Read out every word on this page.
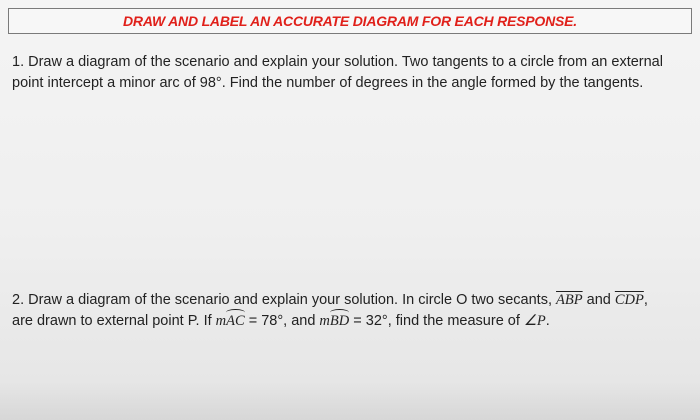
DRAW AND LABEL AN ACCURATE DIAGRAM FOR EACH RESPONSE.
1. Draw a diagram of the scenario and explain your solution. Two tangents to a circle from an external
point intercept a minor arc of 98°. Find the number of degrees in the angle formed by the tangents.
2. Draw a diagram of the scenario and explain your solution. In circle O two secants, $\overline{ABP}$ and $\overline{CDP}$,
are drawn to external point P. If mAC = 78°, and mBD = 32°, find the measure of ∠P.
